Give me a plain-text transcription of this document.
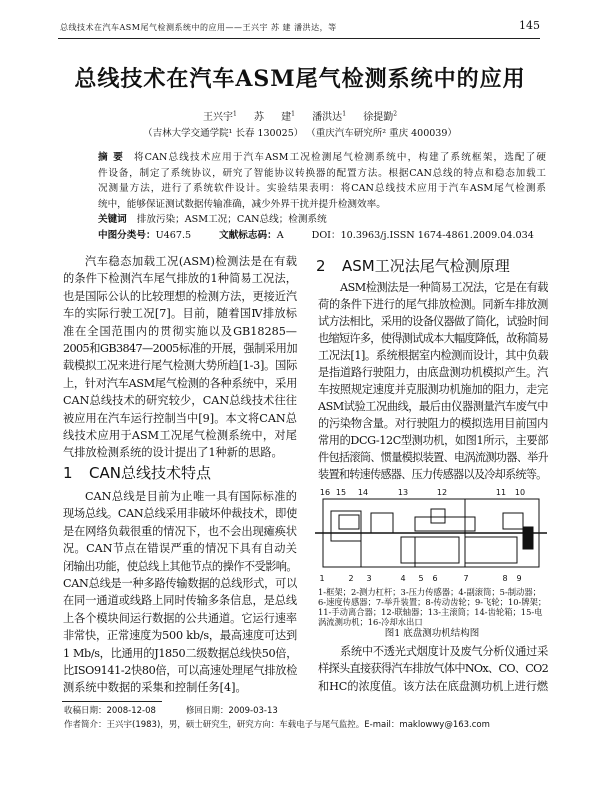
总线技术在汽车ASM尾气检测系统中的应用——王兴宇 苏 建 潘洪达，等	145
总线技术在汽车ASM尾气检测系统中的应用
王兴宇$^1$ 苏 建$^1$ 潘洪达$^1$ 徐提勤$^2$
（吉林大学交通学院¹ 长春 130025） （重庆汽车研究所² 重庆 400039）
摘 要 将CAN总线技术应用于汽车ASM工况检测尾气检测系统中，构建了系统框架，选配了硬
件设备，制定了系统协议，研究了智能协议转换器的配置方法。根据CAN总线的特点和稳态加载工
况测量方法，进行了系统软件设计。实验结果表明：将CAN总线技术应用于汽车ASM尾气检测系
统中，能够保证测试数据传输准确，减少外界干扰并提升检测效率。
关键词 排放污染；ASM工况；CAN总线；检测系统
中图分类号：U467.5	文献标志码：A	DOI：10.3963/j.ISSN 1674-4861.2009.04.034
汽车稳态加载工况(ASM)检测法是在有载
的条件下检测汽车尾气排放的1种简易工况法，
也是国际公认的比较理想的检测方法，更接近汽
车的实际行驶工况[7]。目前，随着国Ⅳ排放标
准在全国范围内的贯彻实施以及GB18285—
2005和GB3847—2005标准的开展，强制采用加
载模拟工况来进行尾气检测大势所趋[1-3]。国际
上，针对汽车ASM尾气检测的各种系统中，采用
CAN总线技术的研究较少，CAN总线技术往往
被应用在汽车运行控制当中[9]。本文将CAN总
线技术应用于ASM工况尾气检测系统中，对尾
气排放检测系统的设计提出了1种新的思路。
1 CAN总线技术特点
CAN总线是目前为止唯一具有国际标准的
现场总线。CAN总线采用非破坏仲裁技术，即使
是在网络负载很重的情况下，也不会出现瘫痪状
况。CAN节点在错误严重的情况下具有自动关
闭输出功能，使总线上其他节点的操作不受影响。
CAN总线是一种多路传输数据的总线形式，可以
在同一通道或线路上同时传输多条信息，是总线
上各个模块间运行数据的公共通道。它运行速率
非常快，正常速度为500 kb/s，最高速度可达到
1 Mb/s，比通用的J1850二级数据总线快50倍，
比ISO9141-2快80倍，可以高速处理尾气排放检
测系统中数据的采集和控制任务[4]。
2 ASM工况法尾气检测原理
ASM检测法是一种简易工况法，它是在有载
荷的条件下进行的尾气排放检测。同新车排放测
试方法相比，采用的设备仪器做了简化，试验时间
也缩短许多，使得测试成本大幅度降低，故称简易
工况法[1]。系统根据室内检测而设计，其中负载
是指道路行驶阻力，由底盘测功机模拟产生。汽
车按照规定速度并克服测功机施加的阻力，走完
ASM试验工况曲线，最后由仪器测量汽车废气中
的污染物含量。对行驶阻力的模拟选用目前国内
常用的DCG-12C型测功机，如图1所示，主要部
件包括滚筒、惯量模拟装置、电涡流测功器、举升
装置和转速传感器、压力传感器以及冷却系统等。
16 15 14	13	12	11 10
1	2 3	4 5 6	7	8 9
1-框架；2-测力杠杆；3-压力传感器；4-副滚筒；5-制动器；
6-速度传感器；7-举升装置；8-传动齿轮；9-飞轮；10-牌架；
11-手动离合器；12-联轴器；13-主滚筒；14-齿轮箱；15-电
涡流测功机；16-冷却水出口
图1 底盘测功机结构图
系统中不透光式烟度计及废气分析仪通过采
样探头直接获得汽车排放气体中NOx、CO、CO2
和HC的浓度值。该方法在底盘测功机上进行燃
收稿日期：2008-12-08	修回日期：2009-03-13
作者简介：王兴宇(1983)，男，硕士研究生，研究方向：车载电子与尾气监控。E-mail：maklowwy@163.com
